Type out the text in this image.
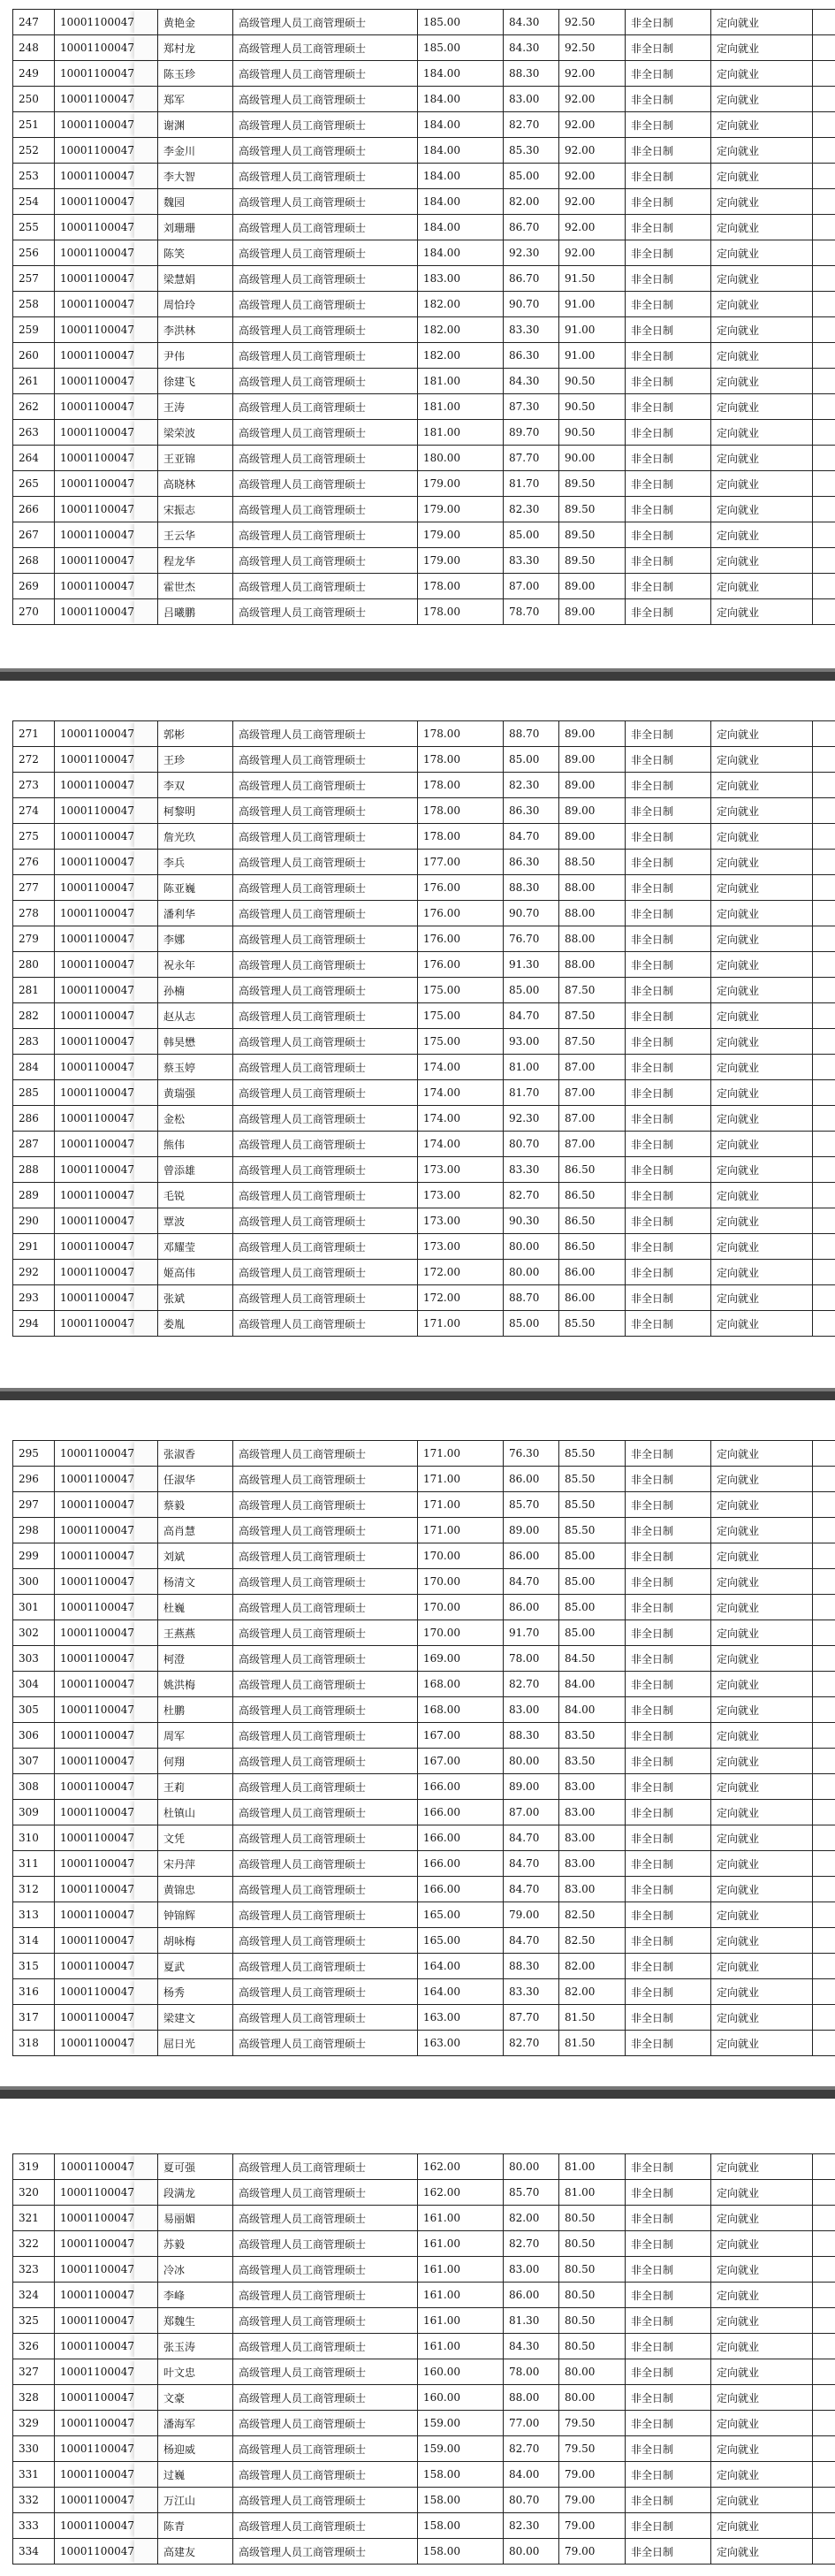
247	10001100047	黄艳金	高级管理人员工商管理硕士	185.00	84.30	92.50	非全日制	定向就业	
248	10001100047	郑村龙	高级管理人员工商管理硕士	185.00	84.30	92.50	非全日制	定向就业	
249	10001100047	陈玉珍	高级管理人员工商管理硕士	184.00	88.30	92.00	非全日制	定向就业	
250	10001100047	郑军	高级管理人员工商管理硕士	184.00	83.00	92.00	非全日制	定向就业	
251	10001100047	谢渊	高级管理人员工商管理硕士	184.00	82.70	92.00	非全日制	定向就业	
252	10001100047	李金川	高级管理人员工商管理硕士	184.00	85.30	92.00	非全日制	定向就业	
253	10001100047	李大智	高级管理人员工商管理硕士	184.00	85.00	92.00	非全日制	定向就业	
254	10001100047	魏园	高级管理人员工商管理硕士	184.00	82.00	92.00	非全日制	定向就业	
255	10001100047	刘珊珊	高级管理人员工商管理硕士	184.00	86.70	92.00	非全日制	定向就业	
256	10001100047	陈笑	高级管理人员工商管理硕士	184.00	92.30	92.00	非全日制	定向就业	
257	10001100047	梁慧娟	高级管理人员工商管理硕士	183.00	86.70	91.50	非全日制	定向就业	
258	10001100047	周恰玲	高级管理人员工商管理硕士	182.00	90.70	91.00	非全日制	定向就业	
259	10001100047	李洪林	高级管理人员工商管理硕士	182.00	83.30	91.00	非全日制	定向就业	
260	10001100047	尹伟	高级管理人员工商管理硕士	182.00	86.30	91.00	非全日制	定向就业	
261	10001100047	徐建飞	高级管理人员工商管理硕士	181.00	84.30	90.50	非全日制	定向就业	
262	10001100047	王涛	高级管理人员工商管理硕士	181.00	87.30	90.50	非全日制	定向就业	
263	10001100047	梁荣波	高级管理人员工商管理硕士	181.00	89.70	90.50	非全日制	定向就业	
264	10001100047	王亚锦	高级管理人员工商管理硕士	180.00	87.70	90.00	非全日制	定向就业	
265	10001100047	高晓林	高级管理人员工商管理硕士	179.00	81.70	89.50	非全日制	定向就业	
266	10001100047	宋振志	高级管理人员工商管理硕士	179.00	82.30	89.50	非全日制	定向就业	
267	10001100047	王云华	高级管理人员工商管理硕士	179.00	85.00	89.50	非全日制	定向就业	
268	10001100047	程龙华	高级管理人员工商管理硕士	179.00	83.30	89.50	非全日制	定向就业	
269	10001100047	霍世杰	高级管理人员工商管理硕士	178.00	87.00	89.00	非全日制	定向就业	
270	10001100047	吕曦鹏	高级管理人员工商管理硕士	178.00	78.70	89.00	非全日制	定向就业	
271	10001100047	郭彬	高级管理人员工商管理硕士	178.00	88.70	89.00	非全日制	定向就业	
272	10001100047	王珍	高级管理人员工商管理硕士	178.00	85.00	89.00	非全日制	定向就业	
273	10001100047	李双	高级管理人员工商管理硕士	178.00	82.30	89.00	非全日制	定向就业	
274	10001100047	柯黎明	高级管理人员工商管理硕士	178.00	86.30	89.00	非全日制	定向就业	
275	10001100047	詹光玖	高级管理人员工商管理硕士	178.00	84.70	89.00	非全日制	定向就业	
276	10001100047	李兵	高级管理人员工商管理硕士	177.00	86.30	88.50	非全日制	定向就业	
277	10001100047	陈亚巍	高级管理人员工商管理硕士	176.00	88.30	88.00	非全日制	定向就业	
278	10001100047	潘利华	高级管理人员工商管理硕士	176.00	90.70	88.00	非全日制	定向就业	
279	10001100047	李娜	高级管理人员工商管理硕士	176.00	76.70	88.00	非全日制	定向就业	
280	10001100047	祝永年	高级管理人员工商管理硕士	176.00	91.30	88.00	非全日制	定向就业	
281	10001100047	孙楠	高级管理人员工商管理硕士	175.00	85.00	87.50	非全日制	定向就业	
282	10001100047	赵从志	高级管理人员工商管理硕士	175.00	84.70	87.50	非全日制	定向就业	
283	10001100047	韩昊懋	高级管理人员工商管理硕士	175.00	93.00	87.50	非全日制	定向就业	
284	10001100047	蔡玉婷	高级管理人员工商管理硕士	174.00	81.00	87.00	非全日制	定向就业	
285	10001100047	黄瑞强	高级管理人员工商管理硕士	174.00	81.70	87.00	非全日制	定向就业	
286	10001100047	金松	高级管理人员工商管理硕士	174.00	92.30	87.00	非全日制	定向就业	
287	10001100047	熊伟	高级管理人员工商管理硕士	174.00	80.70	87.00	非全日制	定向就业	
288	10001100047	曾添雄	高级管理人员工商管理硕士	173.00	83.30	86.50	非全日制	定向就业	
289	10001100047	毛锐	高级管理人员工商管理硕士	173.00	82.70	86.50	非全日制	定向就业	
290	10001100047	覃波	高级管理人员工商管理硕士	173.00	90.30	86.50	非全日制	定向就业	
291	10001100047	邓耀莹	高级管理人员工商管理硕士	173.00	80.00	86.50	非全日制	定向就业	
292	10001100047	姬高伟	高级管理人员工商管理硕士	172.00	80.00	86.00	非全日制	定向就业	
293	10001100047	张斌	高级管理人员工商管理硕士	172.00	88.70	86.00	非全日制	定向就业	
294	10001100047	娄胤	高级管理人员工商管理硕士	171.00	85.00	85.50	非全日制	定向就业	
295	10001100047	张淑香	高级管理人员工商管理硕士	171.00	76.30	85.50	非全日制	定向就业	
296	10001100047	任淑华	高级管理人员工商管理硕士	171.00	86.00	85.50	非全日制	定向就业	
297	10001100047	蔡毅	高级管理人员工商管理硕士	171.00	85.70	85.50	非全日制	定向就业	
298	10001100047	高肖慧	高级管理人员工商管理硕士	171.00	89.00	85.50	非全日制	定向就业	
299	10001100047	刘斌	高级管理人员工商管理硕士	170.00	86.00	85.00	非全日制	定向就业	
300	10001100047	杨清文	高级管理人员工商管理硕士	170.00	84.70	85.00	非全日制	定向就业	
301	10001100047	杜巍	高级管理人员工商管理硕士	170.00	86.00	85.00	非全日制	定向就业	
302	10001100047	王燕燕	高级管理人员工商管理硕士	170.00	91.70	85.00	非全日制	定向就业	
303	10001100047	柯澄	高级管理人员工商管理硕士	169.00	78.00	84.50	非全日制	定向就业	
304	10001100047	姚洪梅	高级管理人员工商管理硕士	168.00	82.70	84.00	非全日制	定向就业	
305	10001100047	杜鹏	高级管理人员工商管理硕士	168.00	83.00	84.00	非全日制	定向就业	
306	10001100047	周军	高级管理人员工商管理硕士	167.00	88.30	83.50	非全日制	定向就业	
307	10001100047	何翔	高级管理人员工商管理硕士	167.00	80.00	83.50	非全日制	定向就业	
308	10001100047	王莉	高级管理人员工商管理硕士	166.00	89.00	83.00	非全日制	定向就业	
309	10001100047	杜镇山	高级管理人员工商管理硕士	166.00	87.00	83.00	非全日制	定向就业	
310	10001100047	文凭	高级管理人员工商管理硕士	166.00	84.70	83.00	非全日制	定向就业	
311	10001100047	宋丹萍	高级管理人员工商管理硕士	166.00	84.70	83.00	非全日制	定向就业	
312	10001100047	黄锦忠	高级管理人员工商管理硕士	166.00	84.70	83.00	非全日制	定向就业	
313	10001100047	钟锦辉	高级管理人员工商管理硕士	165.00	79.00	82.50	非全日制	定向就业	
314	10001100047	胡咏梅	高级管理人员工商管理硕士	165.00	84.70	82.50	非全日制	定向就业	
315	10001100047	夏武	高级管理人员工商管理硕士	164.00	88.30	82.00	非全日制	定向就业	
316	10001100047	杨秀	高级管理人员工商管理硕士	164.00	83.30	82.00	非全日制	定向就业	
317	10001100047	梁建文	高级管理人员工商管理硕士	163.00	87.70	81.50	非全日制	定向就业	
318	10001100047	屈日光	高级管理人员工商管理硕士	163.00	82.70	81.50	非全日制	定向就业	
319	10001100047	夏可强	高级管理人员工商管理硕士	162.00	80.00	81.00	非全日制	定向就业	
320	10001100047	段满龙	高级管理人员工商管理硕士	162.00	85.70	81.00	非全日制	定向就业	
321	10001100047	易丽媚	高级管理人员工商管理硕士	161.00	82.00	80.50	非全日制	定向就业	
322	10001100047	苏毅	高级管理人员工商管理硕士	161.00	82.70	80.50	非全日制	定向就业	
323	10001100047	冷冰	高级管理人员工商管理硕士	161.00	83.00	80.50	非全日制	定向就业	
324	10001100047	李峰	高级管理人员工商管理硕士	161.00	86.00	80.50	非全日制	定向就业	
325	10001100047	郑魏生	高级管理人员工商管理硕士	161.00	81.30	80.50	非全日制	定向就业	
326	10001100047	张玉涛	高级管理人员工商管理硕士	161.00	84.30	80.50	非全日制	定向就业	
327	10001100047	叶文忠	高级管理人员工商管理硕士	160.00	78.00	80.00	非全日制	定向就业	
328	10001100047	文豪	高级管理人员工商管理硕士	160.00	88.00	80.00	非全日制	定向就业	
329	10001100047	潘海军	高级管理人员工商管理硕士	159.00	77.00	79.50	非全日制	定向就业	
330	10001100047	杨迎威	高级管理人员工商管理硕士	159.00	82.70	79.50	非全日制	定向就业	
331	10001100047	过巍	高级管理人员工商管理硕士	158.00	84.00	79.00	非全日制	定向就业	
332	10001100047	万江山	高级管理人员工商管理硕士	158.00	80.70	79.00	非全日制	定向就业	
333	10001100047	陈青	高级管理人员工商管理硕士	158.00	82.30	79.00	非全日制	定向就业	
334	10001100047	高建友	高级管理人员工商管理硕士	158.00	80.00	79.00	非全日制	定向就业	
